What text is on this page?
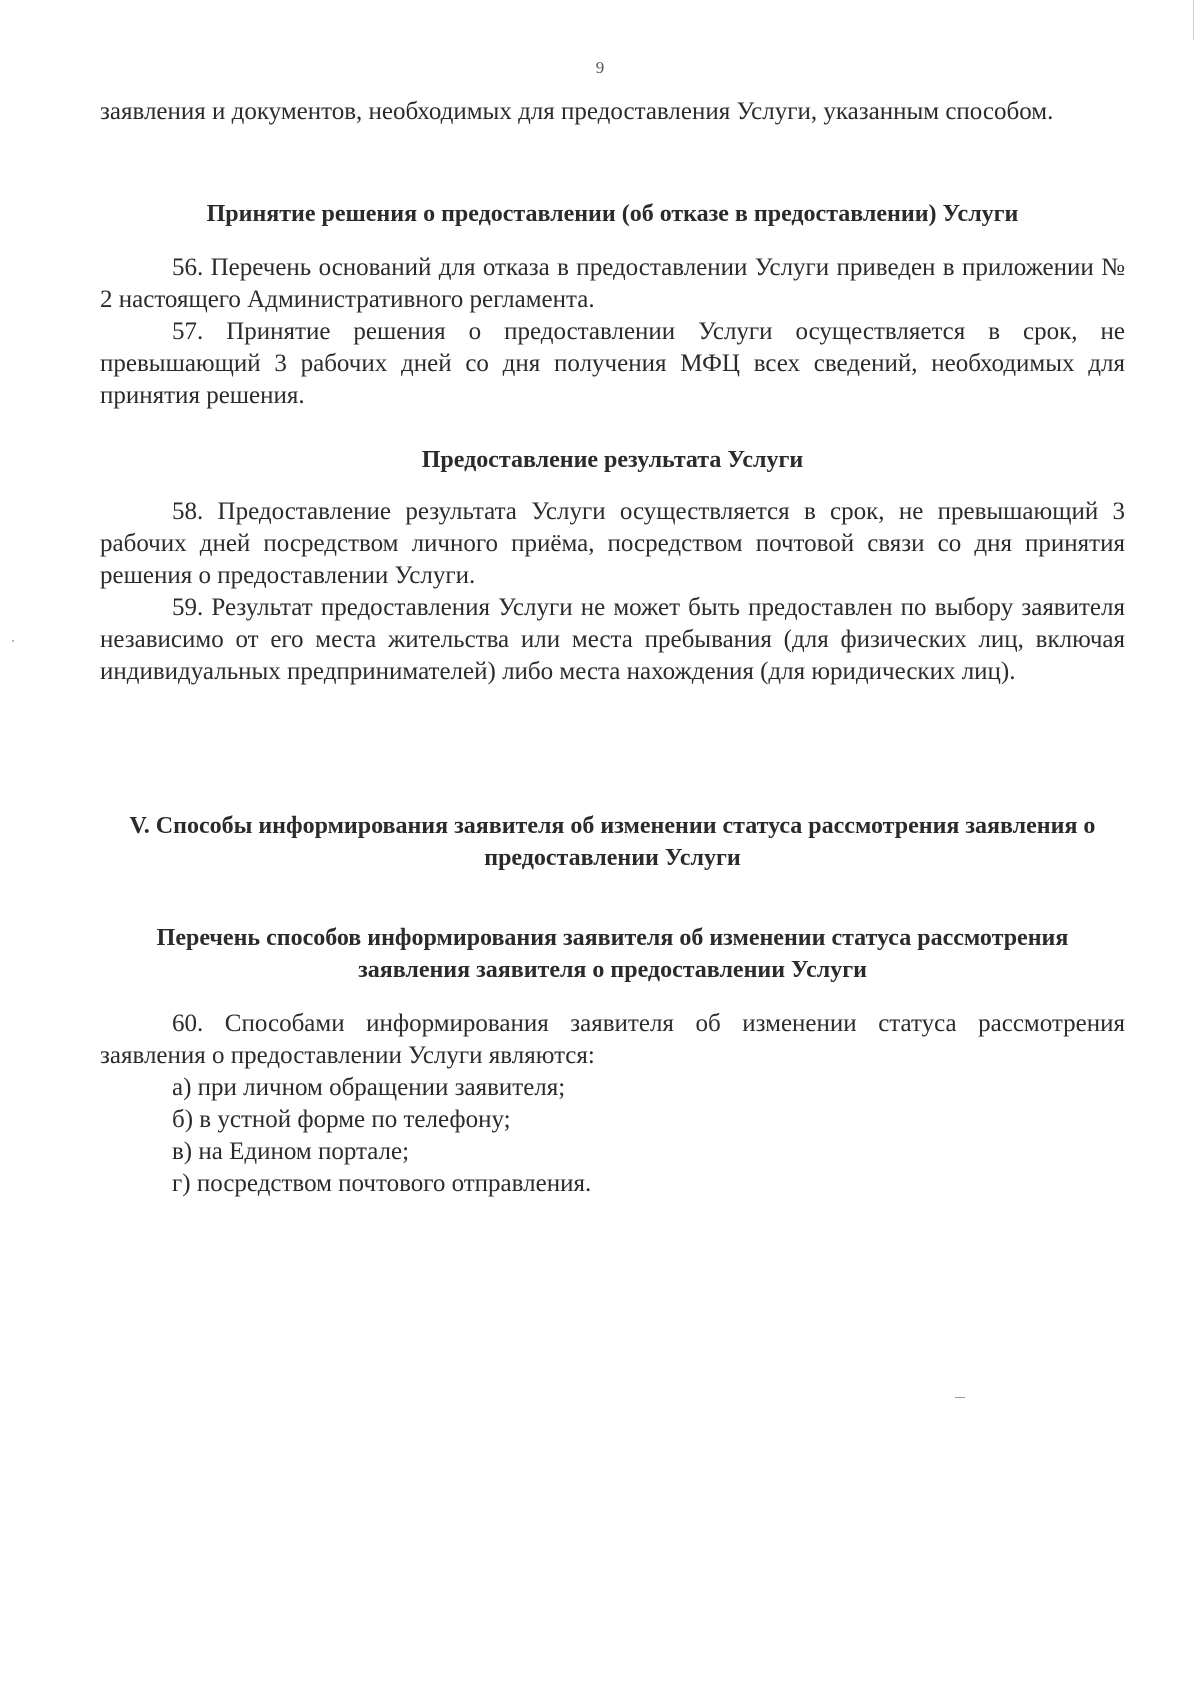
9

заявления и документов, необходимых для предоставления Услуги, указанным способом.

Принятие решения о предоставлении (об отказе в предоставлении) Услуги

56. Перечень оснований для отказа в предоставлении Услуги приведен в приложении № 2 настоящего Административного регламента.

57. Принятие решения о предоставлении Услуги осуществляется в срок, не превышающий 3 рабочих дней со дня получения МФЦ всех сведений, необходимых для принятия решения.

Предоставление результата Услуги

58. Предоставление результата Услуги осуществляется в срок, не превышающий 3 рабочих дней посредством личного приёма, посредством почтовой связи со дня принятия решения о предоставлении Услуги.

59. Результат предоставления Услуги не может быть предоставлен по выбору заявителя независимо от его места жительства или места пребывания (для физических лиц, включая индивидуальных предпринимателей) либо места нахождения (для юридических лиц).

V. Способы информирования заявителя об изменении статуса рассмотрения заявления о предоставлении Услуги
Перечень способов информирования заявителя об изменении статуса рассмотрения заявления заявителя о предоставлении Услуги

60. Способами информирования заявителя об изменении статуса рассмотрения заявления о предоставлении Услуги являются:

а) при личном обращении заявителя;
б) в устной форме по телефону;
в) на Едином портале;
г) посредством почтового отправления.
